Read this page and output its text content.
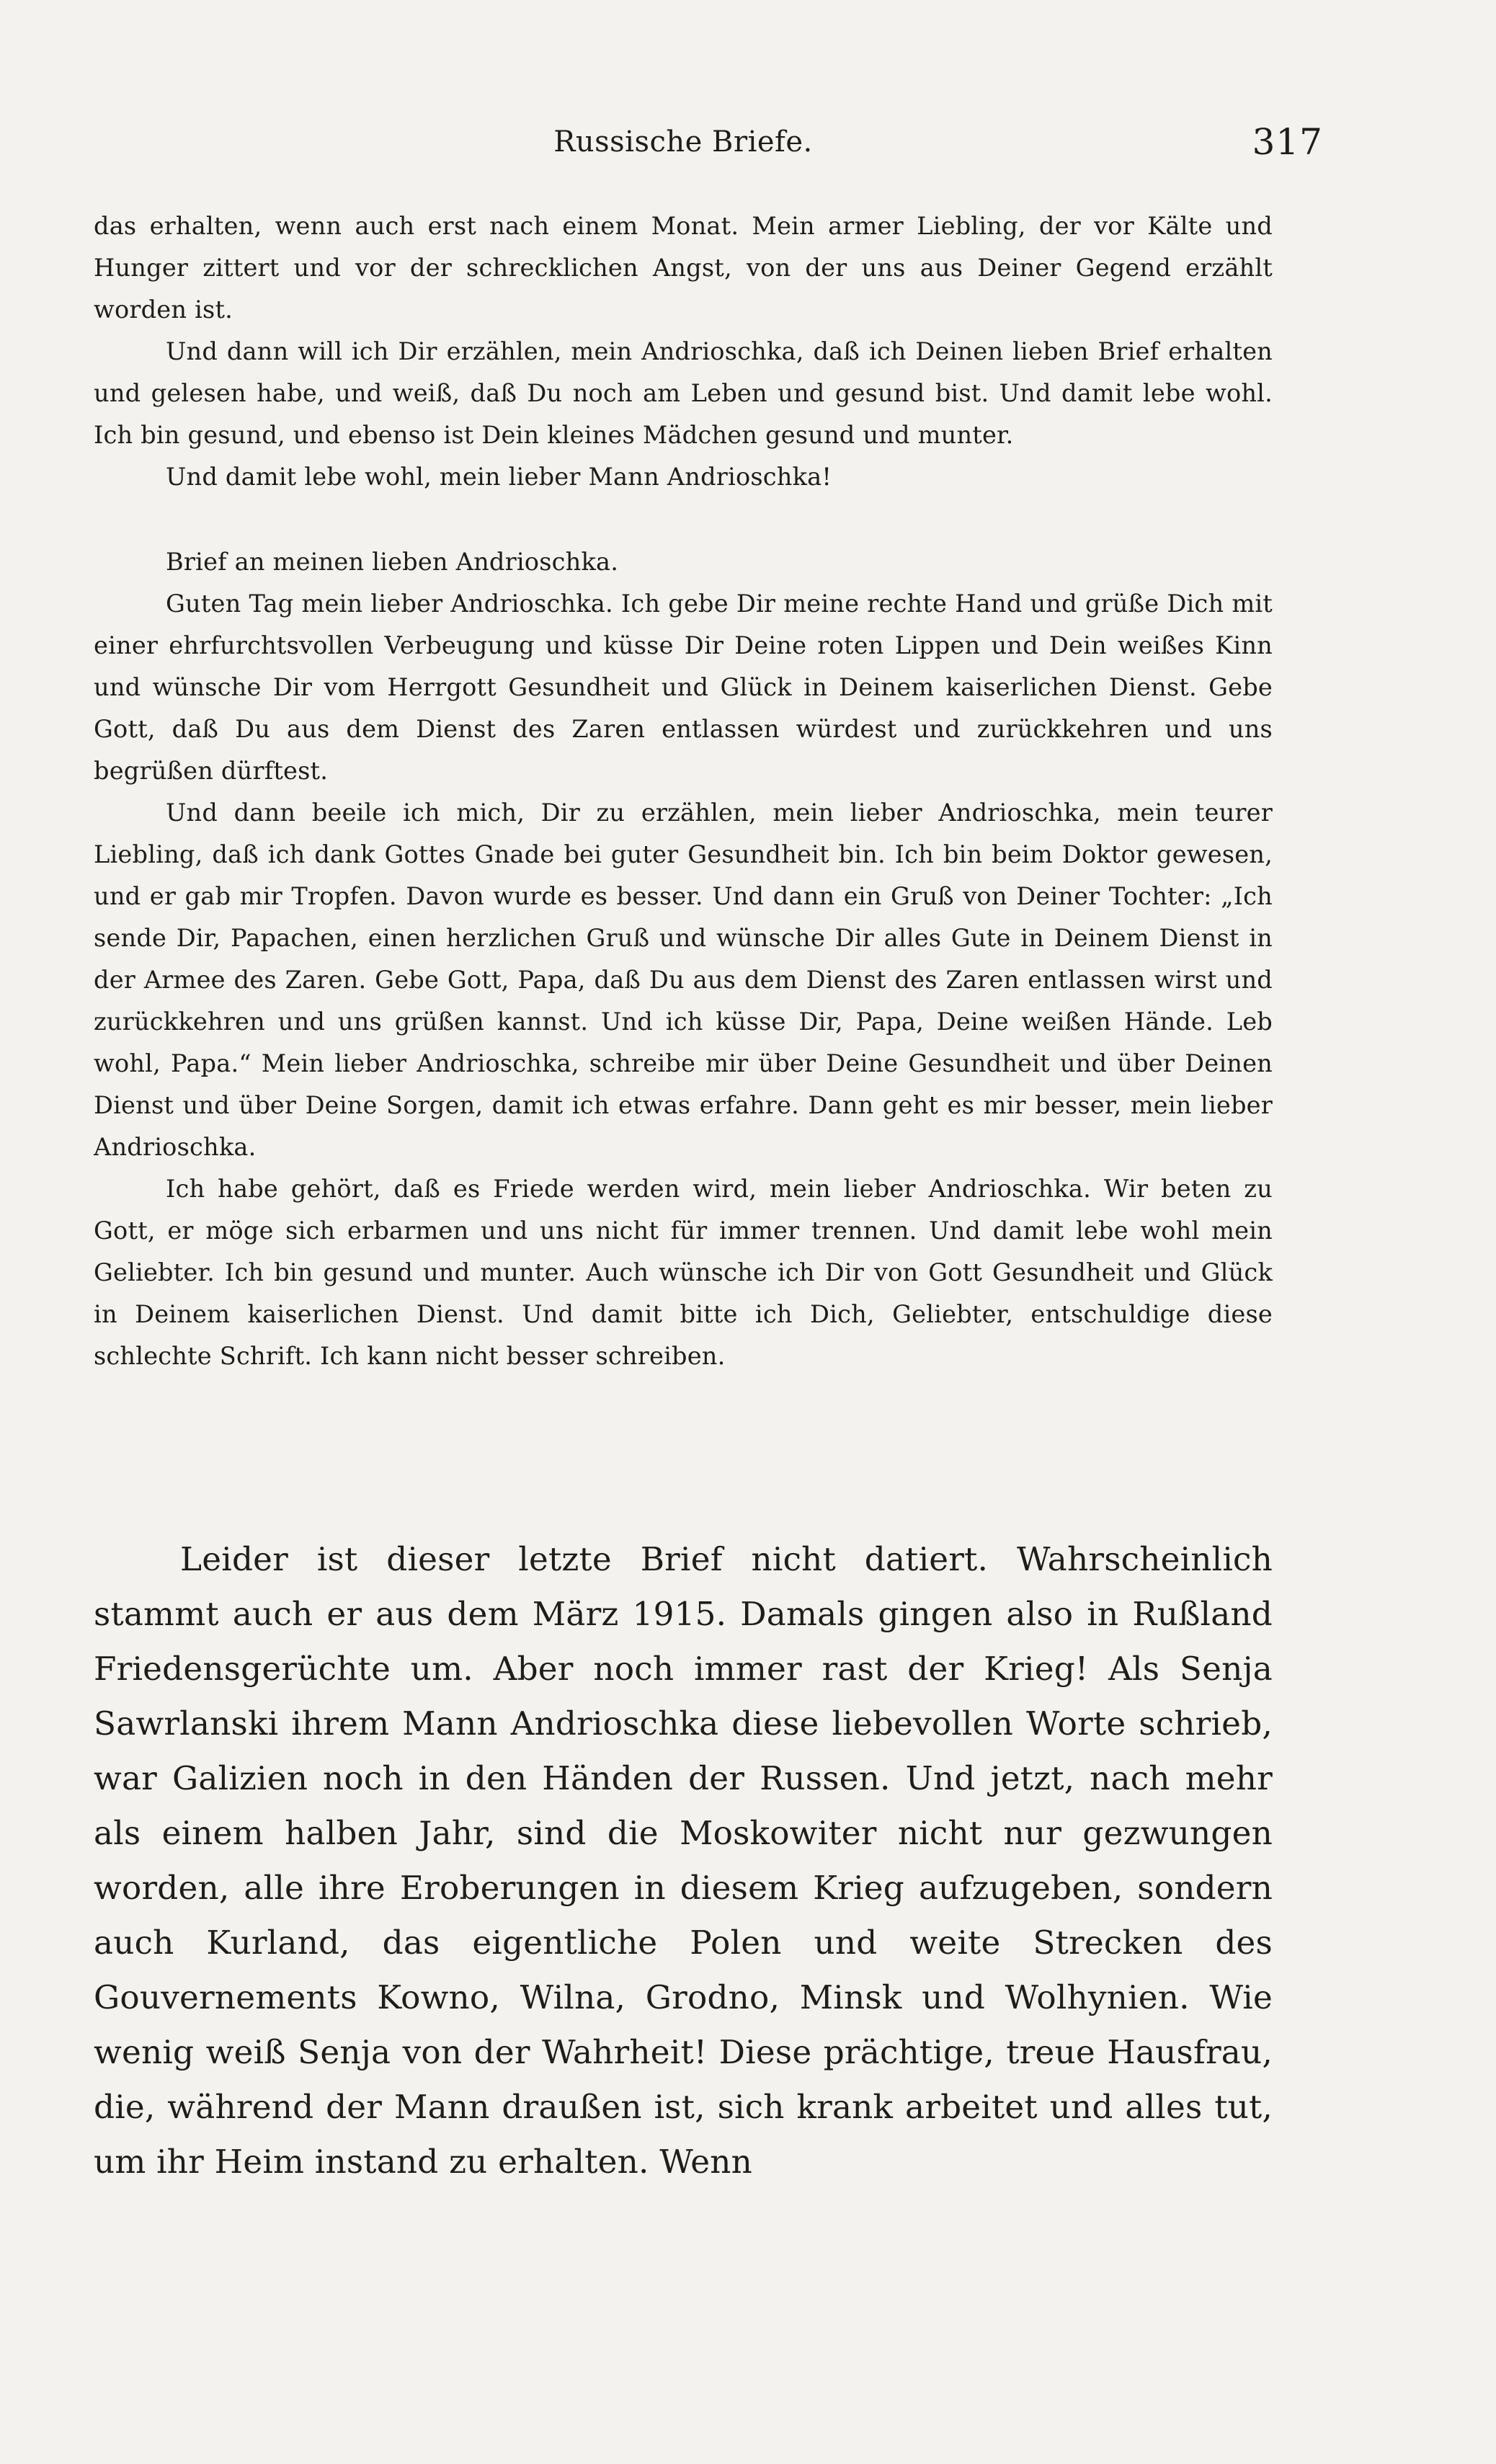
Russische Briefe.	317

das erhalten, wenn auch erst nach einem Monat. Mein armer Liebling, der vor Kälte und Hunger zittert und vor der schrecklichen Angst, von der uns aus Deiner Gegend erzählt worden ist.

Und dann will ich Dir erzählen, mein Andrioschka, daß ich Deinen lieben Brief erhalten und gelesen habe, und weiß, daß Du noch am Leben und gesund bist. Und damit lebe wohl. Ich bin gesund, und ebenso ist Dein kleines Mädchen gesund und munter.

Und damit lebe wohl, mein lieber Mann Andrioschka!

Brief an meinen lieben Andrioschka.

Guten Tag mein lieber Andrioschka. Ich gebe Dir meine rechte Hand und grüße Dich mit einer ehrfurchtsvollen Verbeugung und küsse Dir Deine roten Lippen und Dein weißes Kinn und wünsche Dir vom Herrgott Gesundheit und Glück in Deinem kaiserlichen Dienst. Gebe Gott, daß Du aus dem Dienst des Zaren entlassen würdest und zurückkehren und uns begrüßen dürftest.

Und dann beeile ich mich, Dir zu erzählen, mein lieber Andrioschka, mein teurer Liebling, daß ich dank Gottes Gnade bei guter Gesundheit bin. Ich bin beim Doktor gewesen, und er gab mir Tropfen. Davon wurde es besser. Und dann ein Gruß von Deiner Tochter: „Ich sende Dir, Papachen, einen herzlichen Gruß und wünsche Dir alles Gute in Deinem Dienst in der Armee des Zaren. Gebe Gott, Papa, daß Du aus dem Dienst des Zaren entlassen wirst und zurückkehren und uns grüßen kannst. Und ich küsse Dir, Papa, Deine weißen Hände. Leb wohl, Papa.“ Mein lieber Andrioschka, schreibe mir über Deine Gesundheit und über Deinen Dienst und über Deine Sorgen, damit ich etwas erfahre. Dann geht es mir besser, mein lieber Andrioschka.

Ich habe gehört, daß es Friede werden wird, mein lieber Andrioschka. Wir beten zu Gott, er möge sich erbarmen und uns nicht für immer trennen. Und damit lebe wohl mein Geliebter. Ich bin gesund und munter. Auch wünsche ich Dir von Gott Gesundheit und Glück in Deinem kaiserlichen Dienst. Und damit bitte ich Dich, Geliebter, entschuldige diese schlechte Schrift. Ich kann nicht besser schreiben.

Leider ist dieser letzte Brief nicht datiert. Wahrscheinlich stammt auch er aus dem März 1915. Damals gingen also in Rußland Friedensgerüchte um. Aber noch immer rast der Krieg! Als Senja Sawrlanski ihrem Mann Andrioschka diese liebevollen Worte schrieb, war Galizien noch in den Händen der Russen. Und jetzt, nach mehr als einem halben Jahr, sind die Moskowiter nicht nur gezwungen worden, alle ihre Eroberungen in diesem Krieg aufzugeben, sondern auch Kurland, das eigentliche Polen und weite Strecken des Gouvernements Kowno, Wilna, Grodno, Minsk und Wolhynien. Wie wenig weiß Senja von der Wahrheit! Diese prächtige, treue Hausfrau, die, während der Mann draußen ist, sich krank arbeitet und alles tut, um ihr Heim instand zu erhalten. Wenn
